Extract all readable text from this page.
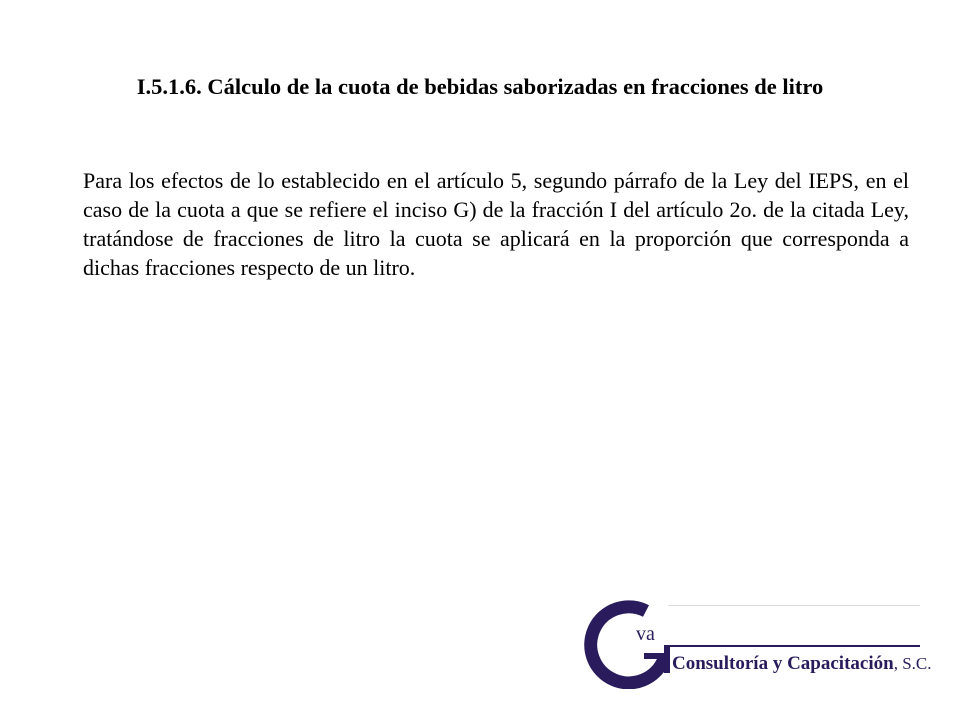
I.5.1.6. Cálculo de la cuota de bebidas saborizadas en fracciones de litro

Para los efectos de lo establecido en el artículo 5, segundo párrafo de la Ley del IEPS, en el caso de la cuota a que se refiere el inciso G) de la fracción I del artículo 2o. de la citada Ley, tratándose de fracciones de litro la cuota se aplicará en la proporción que corresponda a dichas fracciones respecto de un litro.

va
Consultoría y Capacitación, S.C.
